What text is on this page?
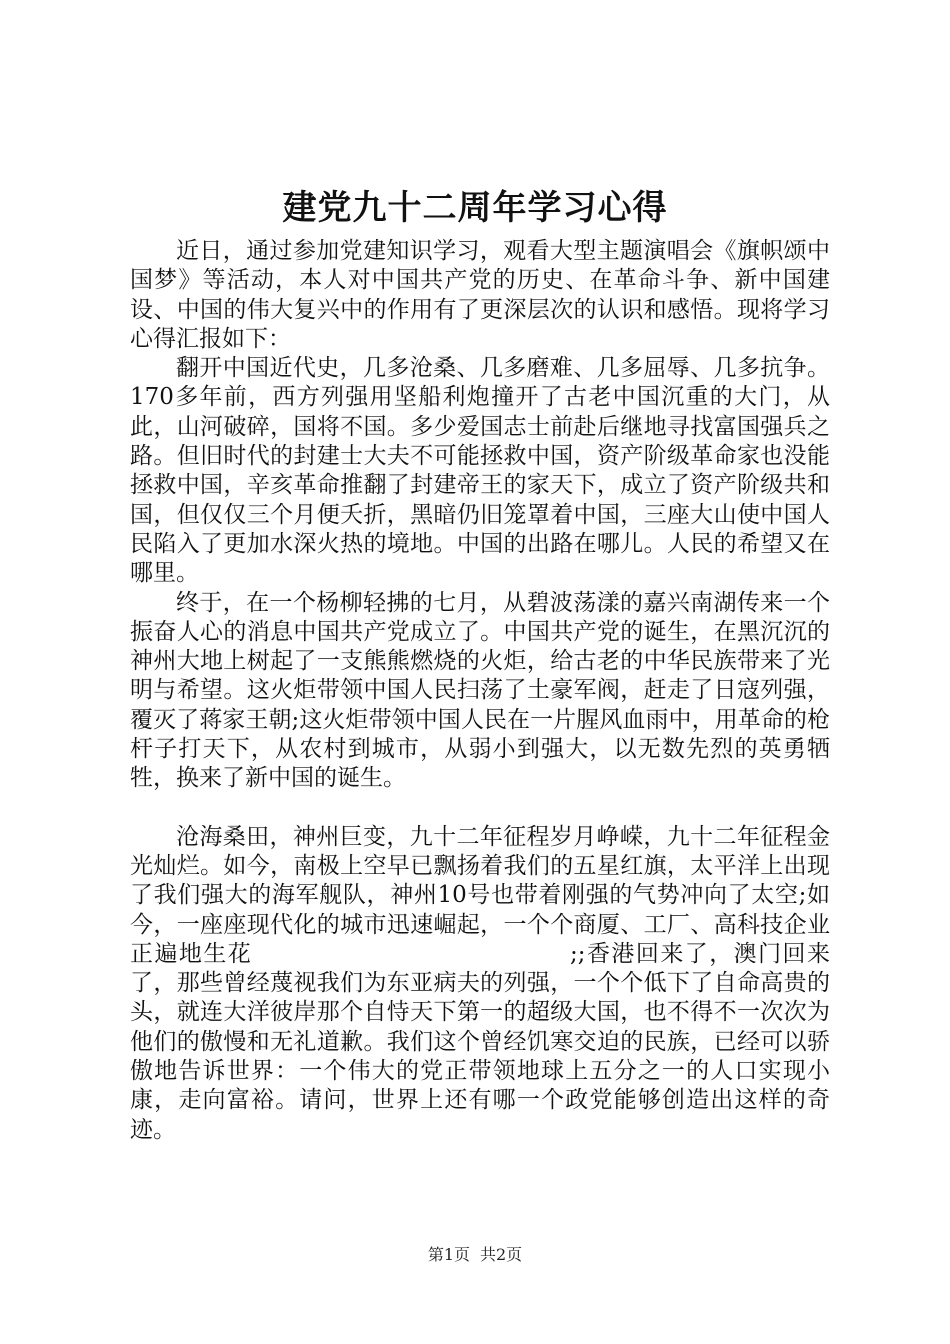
建党九十二周年学习心得

近日，通过参加党建知识学习，观看大型主题演唱会《旗帜颂中国梦》等活动，本人对中国共产党的历史、在革命斗争、新中国建设、中国的伟大复兴中的作用有了更深层次的认识和感悟。现将学习心得汇报如下：

翻开中国近代史，几多沧桑、几多磨难、几多屈辱、几多抗争。170多年前，西方列强用坚船利炮撞开了古老中国沉重的大门，从此，山河破碎，国将不国。多少爱国志士前赴后继地寻找富国强兵之路。但旧时代的封建士大夫不可能拯救中国，资产阶级革命家也没能拯救中国，辛亥革命推翻了封建帝王的家天下，成立了资产阶级共和国，但仅仅三个月便夭折，黑暗仍旧笼罩着中国，三座大山使中国人民陷入了更加水深火热的境地。中国的出路在哪儿。人民的希望又在哪里。

终于，在一个杨柳轻拂的七月，从碧波荡漾的嘉兴南湖传来一个振奋人心的消息中国共产党成立了。中国共产党的诞生，在黑沉沉的神州大地上树起了一支熊熊燃烧的火炬，给古老的中华民族带来了光明与希望。这火炬带领中国人民扫荡了土豪军阀，赶走了日寇列强，覆灭了蒋家王朝;这火炬带领中国人民在一片腥风血雨中，用革命的枪杆子打天下，从农村到城市，从弱小到强大，以无数先烈的英勇牺牲，换来了新中国的诞生。

沧海桑田，神州巨变，九十二年征程岁月峥嵘，九十二年征程金光灿烂。如今，南极上空早已飘扬着我们的五星红旗，太平洋上出现了我们强大的海军舰队，神州10号也带着刚强的气势冲向了太空;如今，一座座现代化的城市迅速崛起，一个个商厦、工厂、高科技企业正遍地生花　　　　　　　　　　　　　;;香港回来了，澳门回来了，那些曾经蔑视我们为东亚病夫的列强，一个个低下了自命高贵的头，就连大洋彼岸那个自恃天下第一的超级大国，也不得不一次次为他们的傲慢和无礼道歉。我们这个曾经饥寒交迫的民族，已经可以骄傲地告诉世界：一个伟大的党正带领地球上五分之一的人口实现小康，走向富裕。请问，世界上还有哪一个政党能够创造出这样的奇迹。

第1页 共2页
